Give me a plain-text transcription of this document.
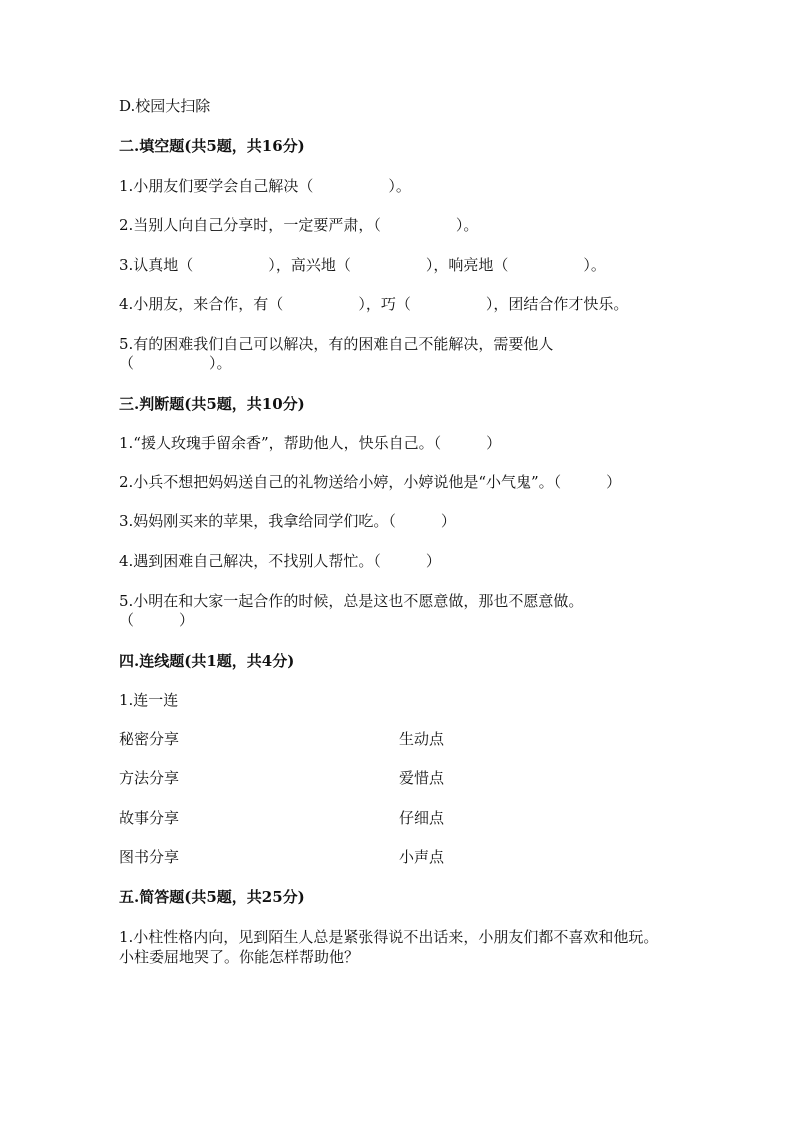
D.校园大扫除
二.填空题(共5题，共16分)
1.小朋友们要学会自己解决（　　　　　）。
2.当别人向自己分享时，一定要严肃，（　　　　　）。
3.认真地（　　　　　），高兴地（　　　　　），响亮地（　　　　　）。
4.小朋友，来合作，有（　　　　　），巧（　　　　　），团结合作才快乐。
5.有的困难我们自己可以解决，有的困难自己不能解决，需要他人
（　　　　　）。
三.判断题(共5题，共10分)
1.“援人玫瑰手留余香”，帮助他人，快乐自己。（　　　）
2.小兵不想把妈妈送自己的礼物送给小婷，小婷说他是“小气鬼”。（　　　）
3.妈妈刚买来的苹果，我拿给同学们吃。（　　　）
4.遇到困难自己解决，不找别人帮忙。（　　　）
5.小明在和大家一起合作的时候，总是这也不愿意做，那也不愿意做。
（　　　）
四.连线题(共1题，共4分)
1.连一连
秘密分享	生动点
方法分享	爱惜点
故事分享	仔细点
图书分享	小声点
五.简答题(共5题，共25分)
1.小柱性格内向，见到陌生人总是紧张得说不出话来，小朋友们都不喜欢和他玩。小柱委屈地哭了。你能怎样帮助他？
